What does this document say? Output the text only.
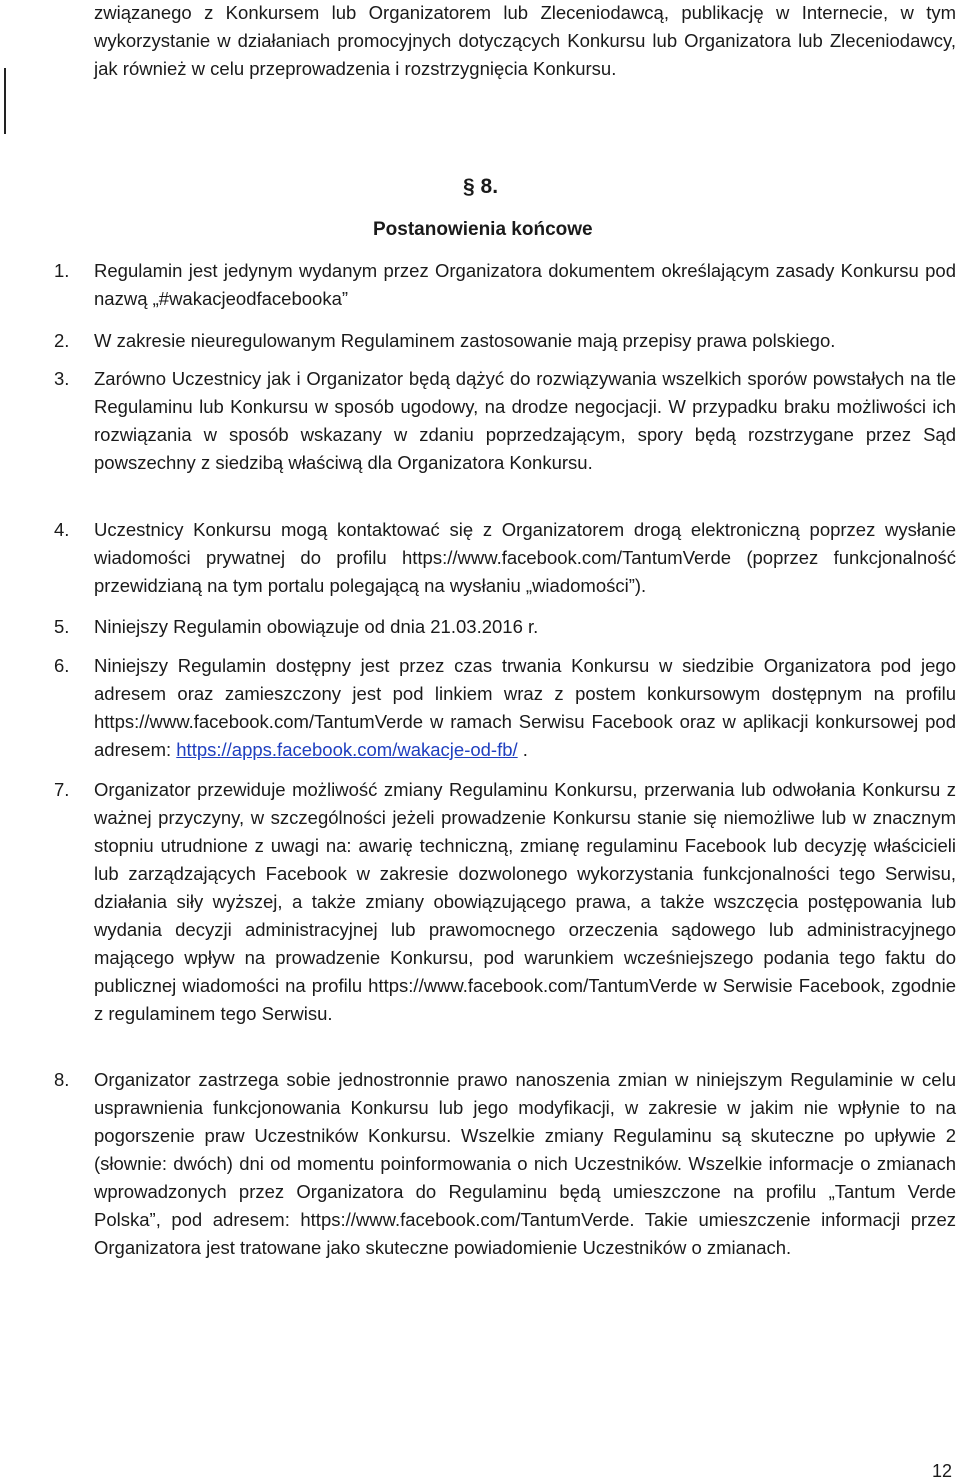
związanego z Konkursem lub Organizatorem lub Zleceniodawcą, publikację w Internecie, w tym wykorzystanie w działaniach promocyjnych dotyczących Konkursu lub Organizatora lub Zleceniodawcy, jak również w celu przeprowadzenia i rozstrzygnięcia Konkursu.

§ 8.
Postanowienia końcowe
1.	Regulamin jest jedynym wydanym przez Organizatora dokumentem określającym zasady Konkursu pod nazwą „#wakacjeodfacebooka”

2.	W zakresie nieuregulowanym Regulaminem zastosowanie mają przepisy prawa polskiego.

3.	Zarówno Uczestnicy jak i Organizator będą dążyć do rozwiązywania wszelkich sporów powstałych na tle Regulaminu lub Konkursu w sposób ugodowy, na drodze negocjacji. W przypadku braku możliwości ich rozwiązania w sposób wskazany w zdaniu poprzedzającym, spory będą rozstrzygane przez Sąd powszechny z siedzibą właściwą dla Organizatora Konkursu.

4.	Uczestnicy Konkursu mogą kontaktować się z Organizatorem drogą elektroniczną poprzez wysłanie wiadomości prywatnej do profilu https://www.facebook.com/TantumVerde (poprzez funkcjonalność przewidzianą na tym portalu polegającą na wysłaniu „wiadomości”).

5.	Niniejszy Regulamin obowiązuje od dnia 21.03.2016 r.

6.	Niniejszy Regulamin dostępny jest przez czas trwania Konkursu w siedzibie Organizatora pod jego adresem oraz zamieszczony jest pod linkiem wraz z postem konkursowym dostępnym na profilu https://www.facebook.com/TantumVerde w ramach Serwisu Facebook oraz w aplikacji konkursowej pod adresem: https://apps.facebook.com/wakacje-od-fb/ .

7.	Organizator przewiduje możliwość zmiany Regulaminu Konkursu, przerwania lub odwołania Konkursu z ważnej przyczyny, w szczególności jeżeli prowadzenie Konkursu stanie się niemożliwe lub w znacznym stopniu utrudnione z uwagi na: awarię techniczną, zmianę regulaminu Facebook lub decyzję właścicieli lub zarządzających Facebook w zakresie dozwolonego wykorzystania funkcjonalności tego Serwisu, działania siły wyższej, a także zmiany obowiązującego prawa, a także wszczęcia postępowania lub wydania decyzji administracyjnej lub prawomocnego orzeczenia sądowego lub administracyjnego mającego wpływ na prowadzenie Konkursu, pod warunkiem wcześniejszego podania tego faktu do publicznej wiadomości na profilu https://www.facebook.com/TantumVerde w Serwisie Facebook, zgodnie z regulaminem tego Serwisu.

8.	Organizator zastrzega sobie jednostronnie prawo nanoszenia zmian w niniejszym Regulaminie w celu usprawnienia funkcjonowania Konkursu lub jego modyfikacji, w zakresie w jakim nie wpłynie to na pogorszenie praw Uczestników Konkursu. Wszelkie zmiany Regulaminu są skuteczne po upływie 2 (słownie: dwóch) dni od momentu poinformowania o nich Uczestników. Wszelkie informacje o zmianach wprowadzonych przez Organizatora do Regulaminu będą umieszczone na profilu „Tantum Verde Polska”, pod adresem: https://www.facebook.com/TantumVerde. Takie umieszczenie informacji przez Organizatora jest tratowane jako skuteczne powiadomienie Uczestników o zmianach.

12
